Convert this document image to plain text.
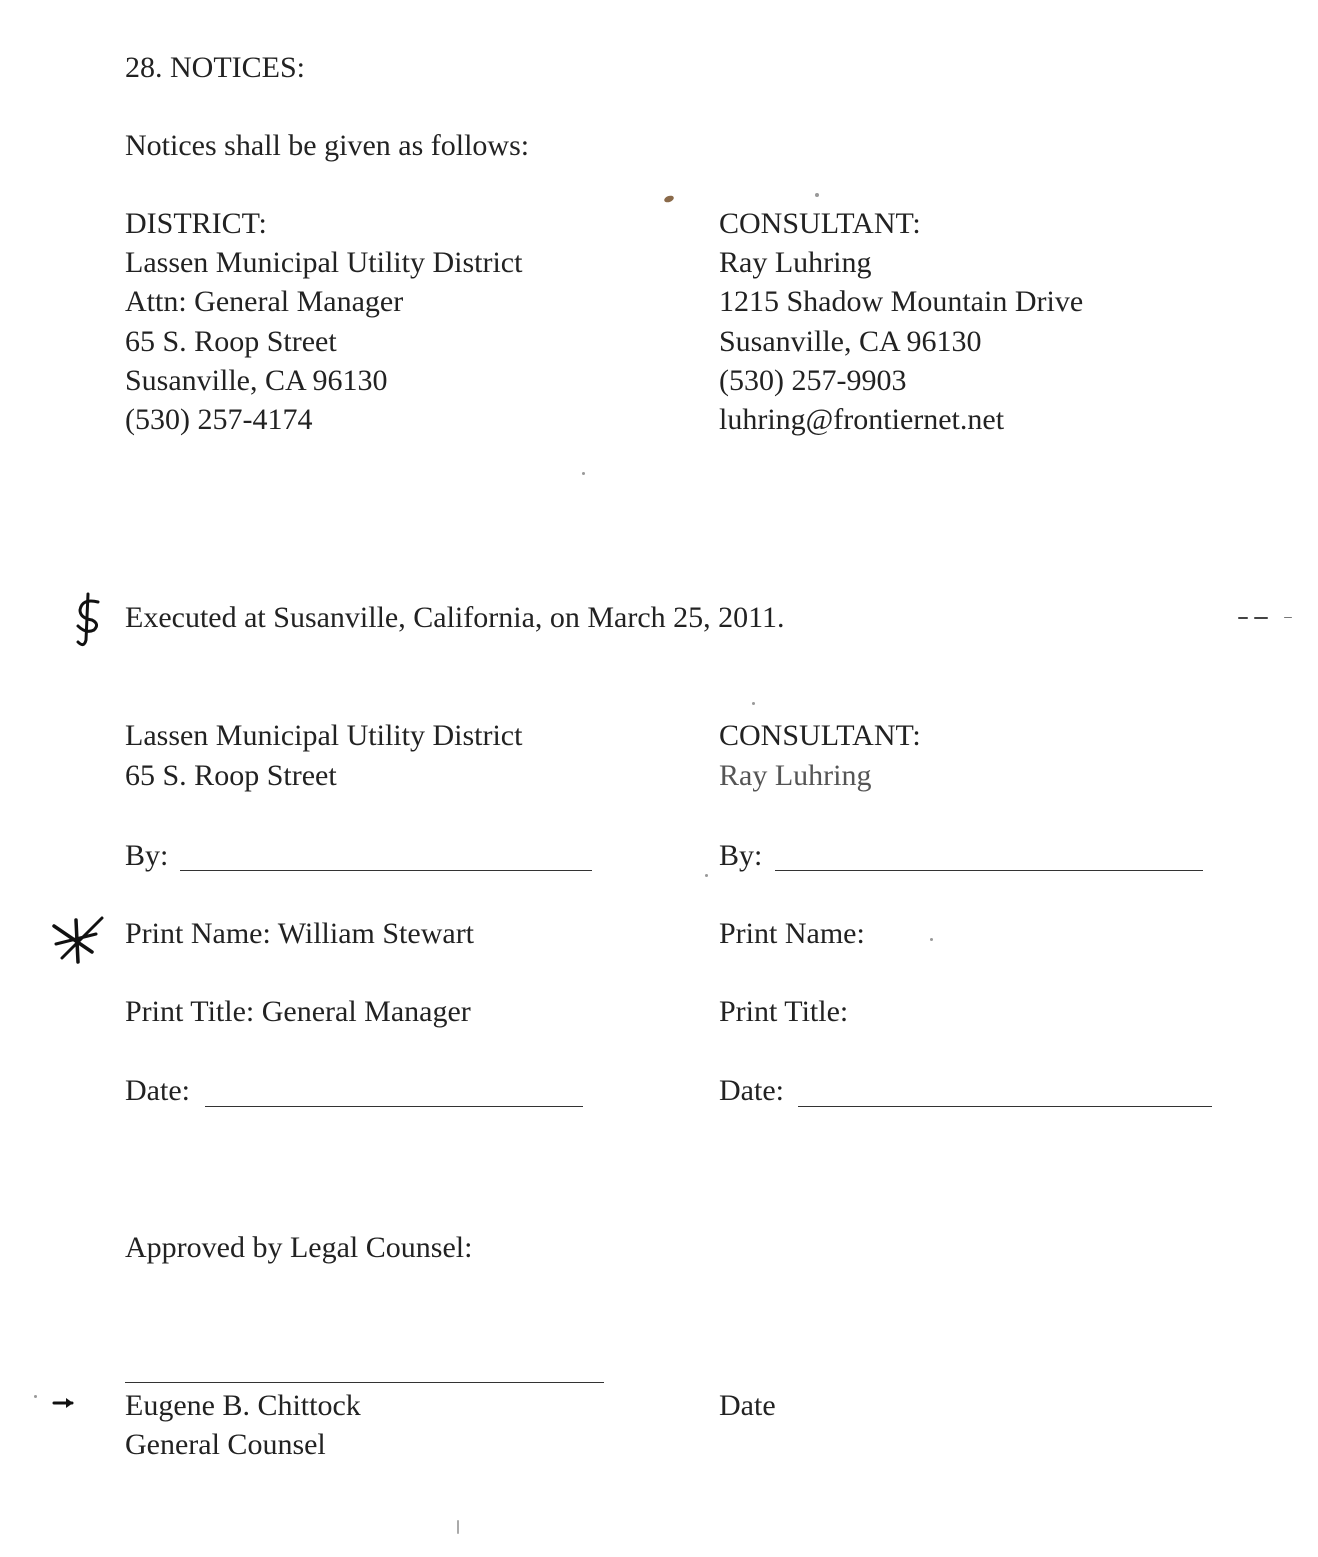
28. NOTICES:
Notices shall be given as follows:
DISTRICT:
Lassen Municipal Utility District
Attn: General Manager
65 S. Roop Street
Susanville, CA 96130
(530) 257-4174
CONSULTANT:
Ray Luhring
1215 Shadow Mountain Drive
Susanville, CA 96130
(530) 257-9903
luhring@frontiernet.net
Executed at Susanville, California, on March 25, 2011.
Lassen Municipal Utility District
65 S. Roop Street
By:
Print Name: William Stewart
Print Title: General Manager
Date:
CONSULTANT:
Ray Luhring
By:
Print Name:
Print Title:
Date:
Approved by Legal Counsel:
Eugene B. Chittock
General Counsel
Date
